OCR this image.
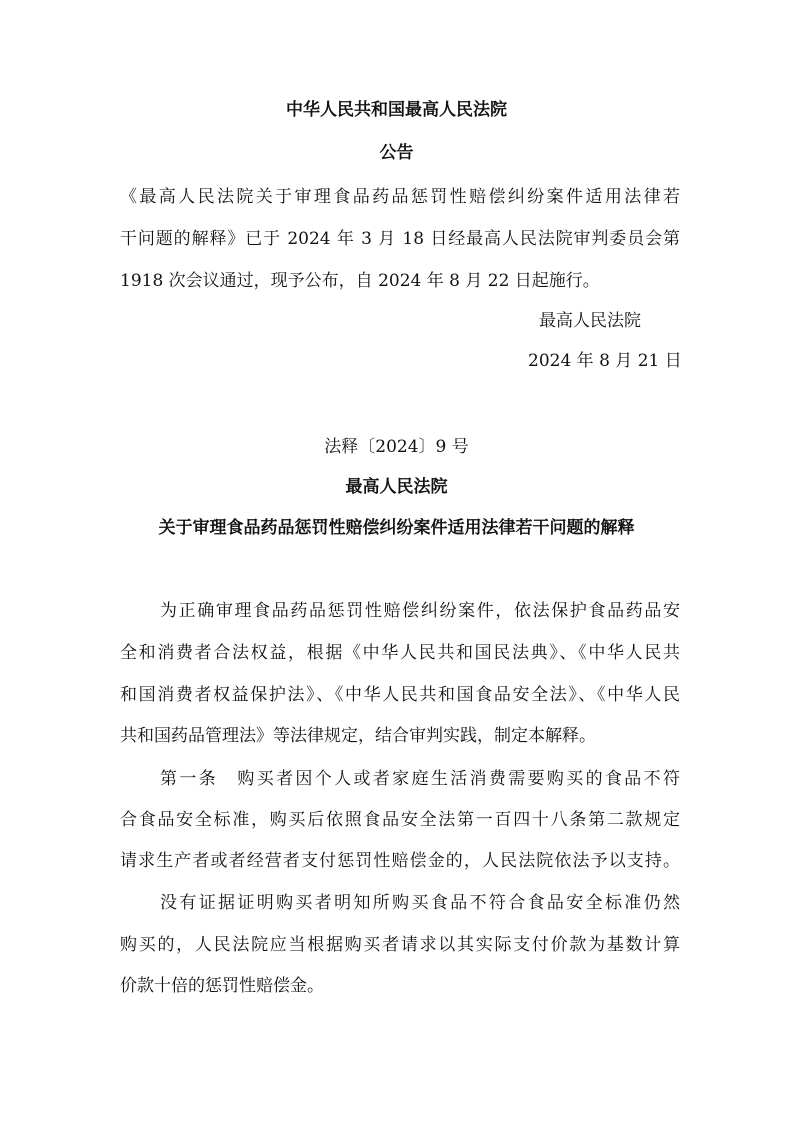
中华人民共和国最高人民法院
公告
《最高人民法院关于审理食品药品惩罚性赔偿纠纷案件适用法律若
干问题的解释》已于 2024 年 3 月 18 日经最高人民法院审判委员会第
1918 次会议通过，现予公布，自 2024 年 8 月 22 日起施行。
最高人民法院
2024 年 8 月 21 日
法释〔2024〕9 号
最高人民法院
关于审理食品药品惩罚性赔偿纠纷案件适用法律若干问题的解释
为正确审理食品药品惩罚性赔偿纠纷案件，依法保护食品药品安
全和消费者合法权益，根据《中华人民共和国民法典》、《中华人民共
和国消费者权益保护法》、《中华人民共和国食品安全法》、《中华人民
共和国药品管理法》等法律规定，结合审判实践，制定本解释。
第一条　购买者因个人或者家庭生活消费需要购买的食品不符
合食品安全标准，购买后依照食品安全法第一百四十八条第二款规定
请求生产者或者经营者支付惩罚性赔偿金的，人民法院依法予以支持。
没有证据证明购买者明知所购买食品不符合食品安全标准仍然
购买的，人民法院应当根据购买者请求以其实际支付价款为基数计算
价款十倍的惩罚性赔偿金。
